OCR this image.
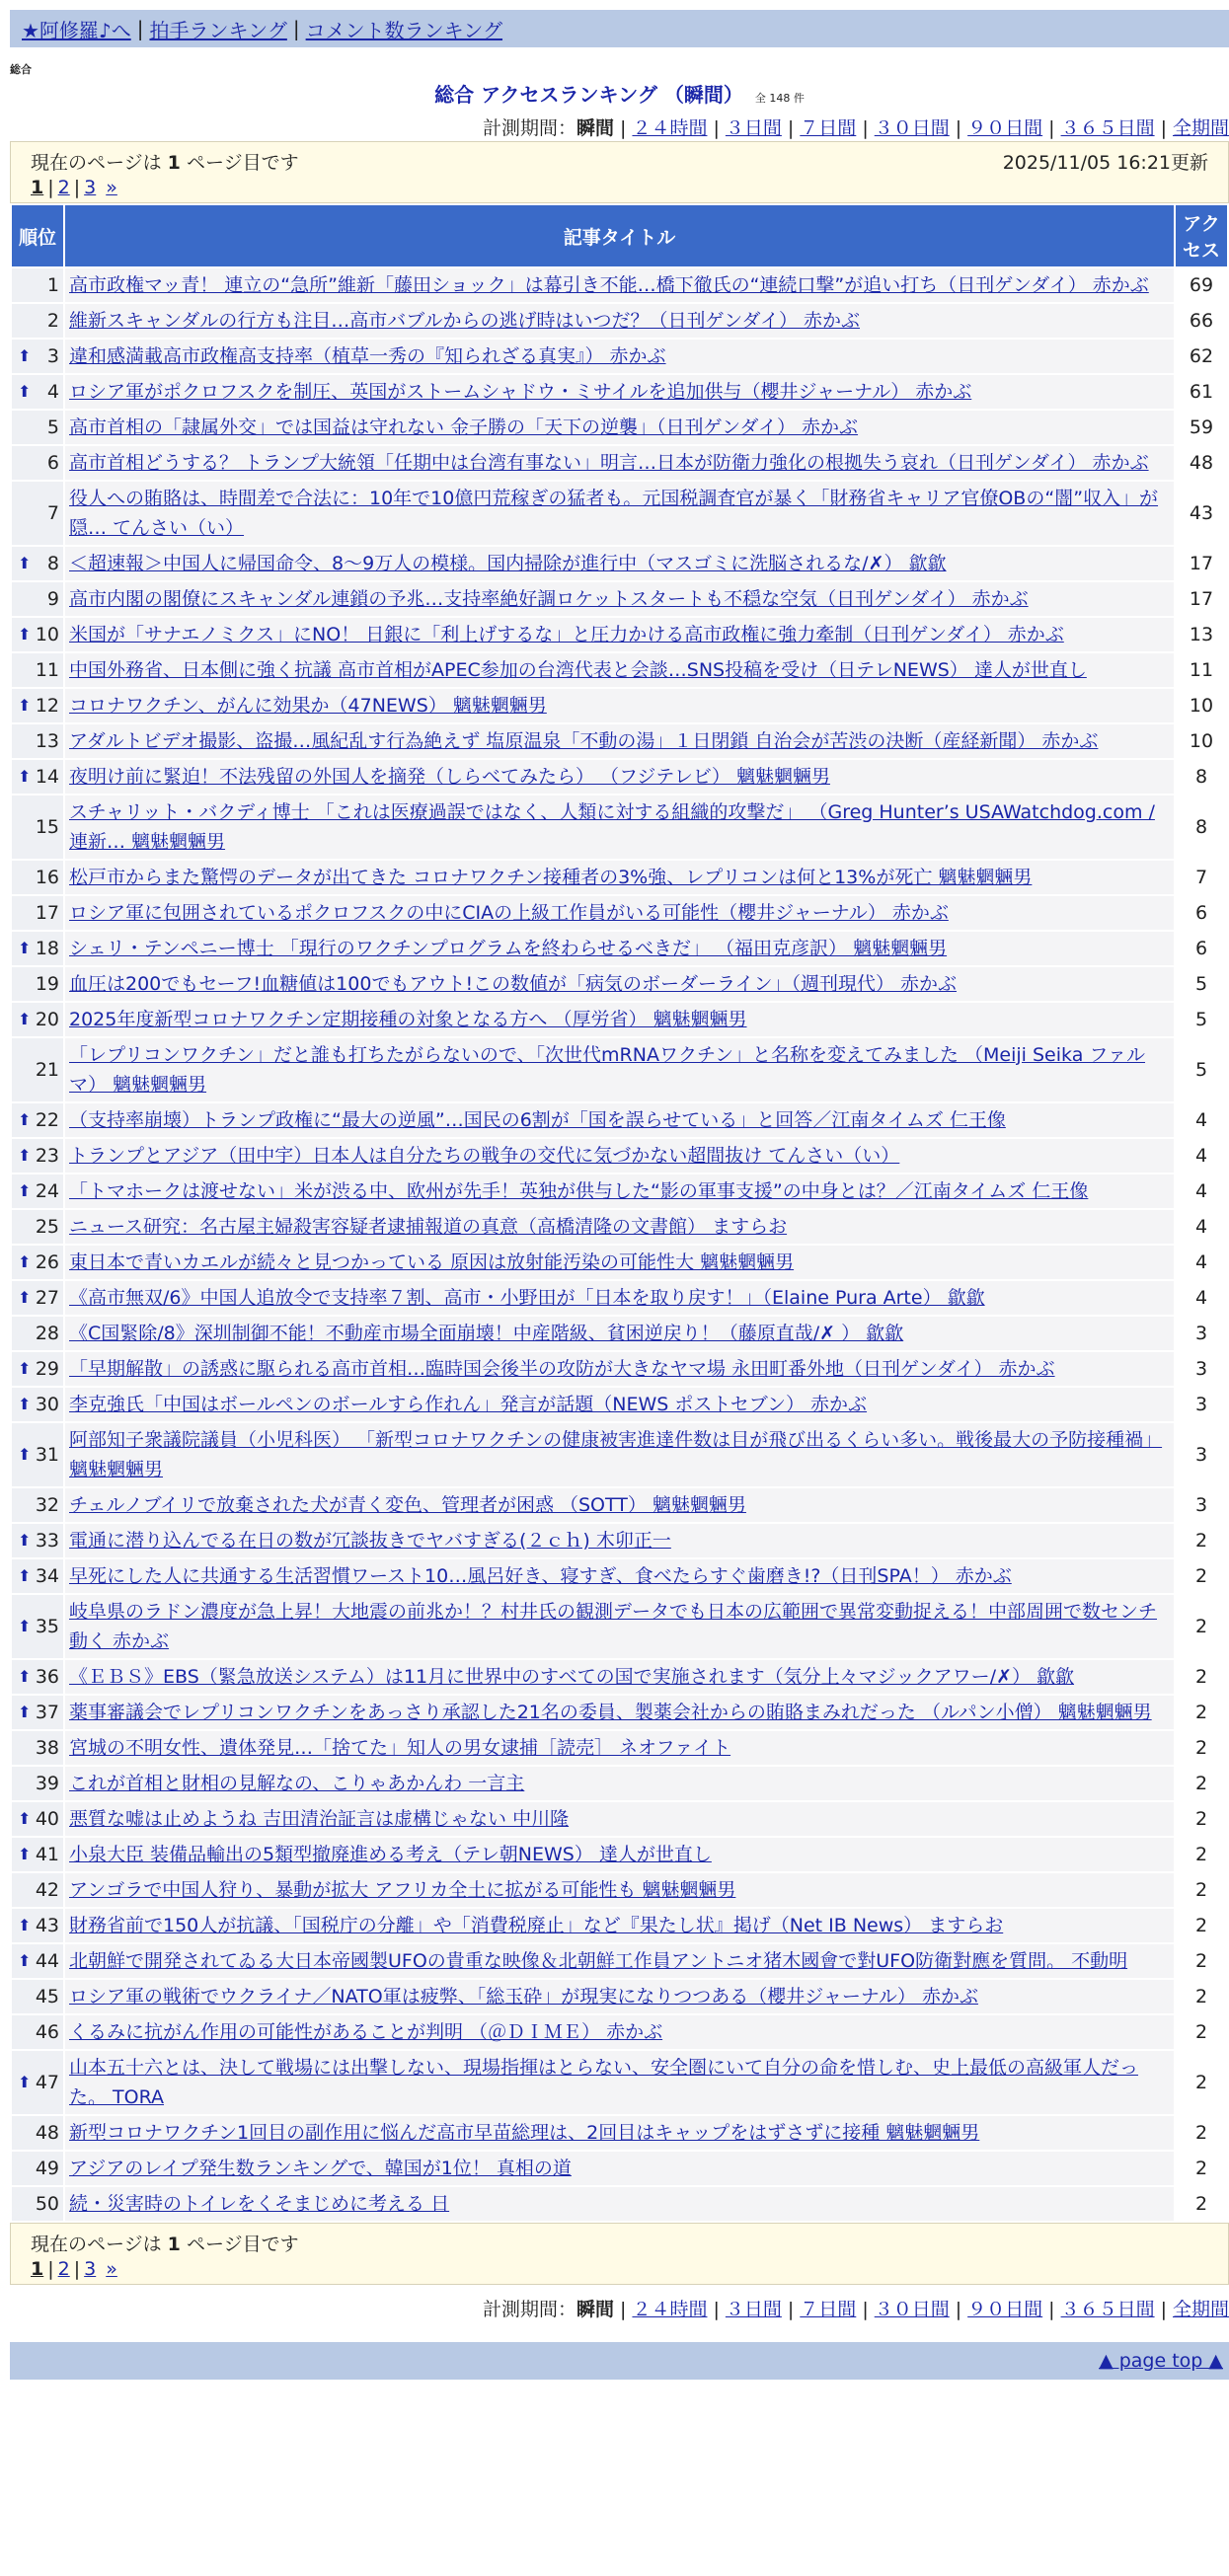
★阿修羅♪へ | 拍手ランキング | コメント数ランキング
総合
総合 アクセスランキング （瞬間） 全 148 件
計測期間：瞬間 | ２４時間 | ３日間 | ７日間 | ３０日間 | ９０日間 | ３６５日間 | 全期間
現在のページは 1 ページ目です	2025/11/05 16:21更新
1 | 2 | 3 »
順位	記事タイトル	アクセス
1	高市政権マッ青！ 連立の“急所”維新「藤田ショック」は幕引き不能…橋下徹氏の“連続口撃”が追い打ち（日刊ゲンダイ） 赤かぶ	69
2	維新スキャンダルの行方も注目…高市バブルからの逃げ時はいつだ？（日刊ゲンダイ） 赤かぶ	66

⬆ 3	違和感満載高市政権高支持率（植草一秀の『知られざる真実』） 赤かぶ	62

⬆ 4	ロシア軍がポクロフスクを制圧、英国がストームシャドウ・ミサイルを追加供与（櫻井ジャーナル） 赤かぶ	61
5	高市首相の「隷属外交」では国益は守れない 金子勝の「天下の逆襲」（日刊ゲンダイ） 赤かぶ	59
6	高市首相どうする？ トランプ大統領「任期中は台湾有事ない」明言…日本が防衛力強化の根拠失う哀れ（日刊ゲンダイ） 赤かぶ	48
7	役人への賄賂は、時間差で合法に：10年で10億円荒稼ぎの猛者も。元国税調査官が暴く「財務省キャリア官僚OBの“闇”収入」が隠… てんさい（い）	43

⬆ 8	＜超速報＞中国人に帰国命令、8～9万人の模様。国内掃除が進行中（マスゴミに洗脳されるな/✗） 歙歙	17
9	高市内閣の閣僚にスキャンダル連鎖の予兆…支持率絶好調ロケットスタートも不穏な空気（日刊ゲンダイ） 赤かぶ	17

⬆ 10	米国が「サナエノミクス」にNO！ 日銀に「利上げするな」と圧力かける高市政権に強力牽制（日刊ゲンダイ） 赤かぶ	13
11	中国外務省、日本側に強く抗議 高市首相がAPEC参加の台湾代表と会談…SNS投稿を受け（日テレNEWS） 達人が世直し	11

⬆ 12	コロナワクチン、がんに効果か（47NEWS） 魑魅魍魎男	10
13	アダルトビデオ撮影、盗撮…風紀乱す行為絶えず 塩原温泉「不動の湯」１日閉鎖 自治会が苦渋の決断（産経新聞） 赤かぶ	10

⬆ 14	夜明け前に緊迫！不法残留の外国人を摘発（しらべてみたら） （フジテレビ） 魑魅魍魎男	8
15	スチャリット・バクディ博士 「これは医療過誤ではなく、人類に対する組織的攻撃だ」 （Greg Hunter’s USAWatchdog.com / 連新… 魑魅魍魎男	8
16	松戸市からまた驚愕のデータが出てきた コロナワクチン接種者の3%強、レプリコンは何と13%が死亡 魑魅魍魎男	7
17	ロシア軍に包囲されているポクロフスクの中にCIAの上級工作員がいる可能性（櫻井ジャーナル） 赤かぶ	6

⬆ 18	シェリ・テンペニー博士 「現行のワクチンプログラムを終わらせるべきだ」 （福田克彦訳） 魑魅魍魎男	6
19	血圧は200でもセーフ!血糖値は100でもアウト!この数値が「病気のボーダーライン」（週刊現代） 赤かぶ	5

⬆ 20	2025年度新型コロナワクチン定期接種の対象となる方へ （厚労省） 魑魅魍魎男	5
21	「レプリコンワクチン」だと誰も打ちたがらないので、「次世代mRNAワクチン」と名称を変えてみました （Meiji Seika ファルマ） 魑魅魍魎男	5

⬆ 22	（支持率崩壊）トランプ政権に“最大の逆風”…国民の6割が「国を誤らせている」と回答／江南タイムズ 仁王像	4

⬆ 23	トランプとアジア（田中宇）日本人は自分たちの戦争の交代に気づかない超間抜け てんさい（い）	4

⬆ 24	「トマホークは渡せない」米が渋る中、欧州が先手！英独が供与した“影の軍事支援”の中身とは？／江南タイムズ 仁王像	4
25	ニュース研究：名古屋主婦殺害容疑者逮捕報道の真意（高橋清隆の文書館） ますらお	4

⬆ 26	東日本で青いカエルが続々と見つかっている 原因は放射能汚染の可能性大 魑魅魍魎男	4

⬆ 27	《高市無双/6》中国人追放令で支持率７割、高市・小野田が「日本を取り戻す！」（Elaine Pura Arte） 歙歙	4
28	《C国緊除/8》深圳制御不能！不動産市場全面崩壊！中産階級、貧困逆戻り！（藤原直哉/✗ ） 歙歙	3

⬆ 29	「早期解散」の誘惑に駆られる高市首相…臨時国会後半の攻防が大きなヤマ場 永田町番外地（日刊ゲンダイ） 赤かぶ	3

⬆ 30	李克強氏「中国はボールペンのボールすら作れん」発言が話題（NEWS ポストセブン） 赤かぶ	3

⬆ 31	阿部知子衆議院議員（小児科医） 「新型コロナワクチンの健康被害進達件数は目が飛び出るくらい多い。戦後最大の予防接種禍」 魑魅魍魎男	3
32	チェルノブイリで放棄された犬が青く変色、管理者が困惑 （SOTT） 魑魅魍魎男	3

⬆ 33	電通に潜り込んでる在日の数が冗談抜きでヤバすぎる(２ｃｈ) 木卯正一	2

⬆ 34	早死にした人に共通する生活習慣ワースト10…風呂好き、寝すぎ、食べたらすぐ歯磨き!?（日刊SPA！） 赤かぶ	2

⬆ 35	岐阜県のラドン濃度が急上昇！大地震の前兆か！？村井氏の観測データでも日本の広範囲で異常変動捉える！中部周囲で数センチ動く 赤かぶ	2

⬆ 36	《ＥＢＳ》EBS（緊急放送システム）は11月に世界中のすべての国で実施されます（気分上々マジックアワー/✗） 歙歙	2

⬆ 37	薬事審議会でレプリコンワクチンをあっさり承認した21名の委員、製薬会社からの賄賂まみれだった （ルパン小僧） 魑魅魍魎男	2
38	宮城の不明女性、遺体発見…「捨てた」知人の男女逮捕［読売］ ネオファイト	2
39	これが首相と財相の見解なの、こりゃあかんわ 一言主	2

⬆ 40	悪質な嘘は止めようね 吉田清治証言は虚構じゃない 中川隆	2

⬆ 41	小泉大臣 装備品輸出の5類型撤廃進める考え（テレ朝NEWS） 達人が世直し	2
42	アンゴラで中国人狩り、暴動が拡大 アフリカ全土に拡がる可能性も 魑魅魍魎男	2

⬆ 43	財務省前で150人が抗議、「国税庁の分離」や「消費税廃止」など『果たし状』掲げ（Net IB News） ますらお	2

⬆ 44	北朝鮮で開発されてゐる大日本帝國製UFOの貴重な映像＆北朝鮮工作員アントニオ猪木國會で對UFO防衛對應を質問。 不動明	2
45	ロシア軍の戦術でウクライナ／NATO軍は疲弊、「総玉砕」が現実になりつつある（櫻井ジャーナル） 赤かぶ	2
46	くるみに抗がん作用の可能性があることが判明 （＠ＤＩＭＥ） 赤かぶ	2

⬆ 47	山本五十六とは、決して戦場には出撃しない、現場指揮はとらない、安全圏にいて自分の命を惜しむ、史上最低の高級軍人だった。 TORA	2
48	新型コロナワクチン1回目の副作用に悩んだ高市早苗総理は、2回目はキャップをはずさずに接種 魑魅魍魎男	2
49	アジアのレイプ発生数ランキングで、韓国が1位！ 真相の道	2
50	続・災害時のトイレをくそまじめに考える 日	2
現在のページは 1 ページ目です
1 | 2 | 3 »
計測期間：瞬間 | ２４時間 | ３日間 | ７日間 | ３０日間 | ９０日間 | ３６５日間 | 全期間
▲ page top ▲
